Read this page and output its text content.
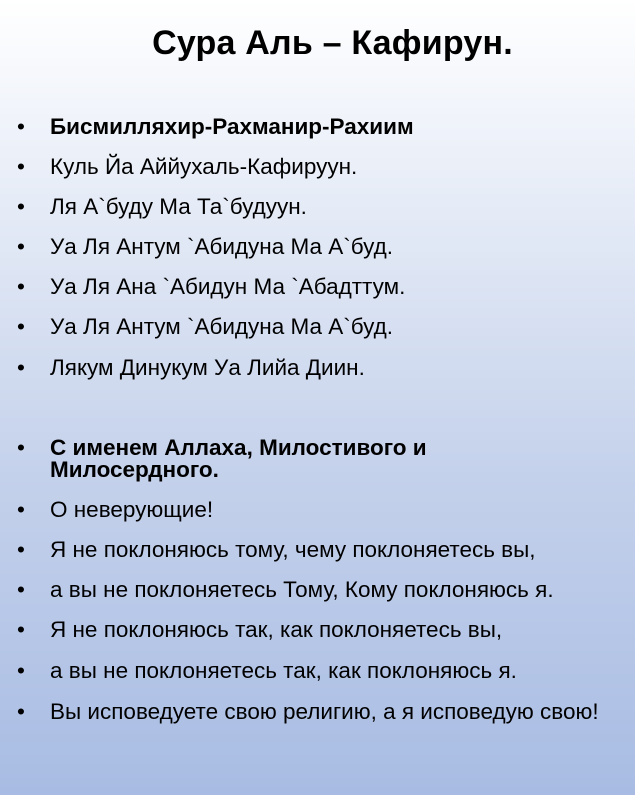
Сура Аль – Кафирун.
• Бисмилляхир-Рахманир-Рахиим
• Куль Йа Аййухаль-Кафируун.
• Ля А`буду Ма Та`будуун.
• Уа Ля Антум `Абидуна Ма А`буд.
• Уа Ля Ана `Абидун Ма `Абадттум.
• Уа Ля Антум `Абидуна Ма А`буд.
• Лякум Динукум Уа Лийа Диин.
• С именем Аллаха, Милостивого и Милосердного.
• О неверующие!
• Я не поклоняюсь тому, чему поклоняетесь вы,
• а вы не поклоняетесь Тому, Кому поклоняюсь я.
• Я не поклоняюсь так, как поклоняетесь вы,
• а вы не поклоняетесь так, как поклоняюсь я.
• Вы исповедуете свою религию, а я исповедую свою!
